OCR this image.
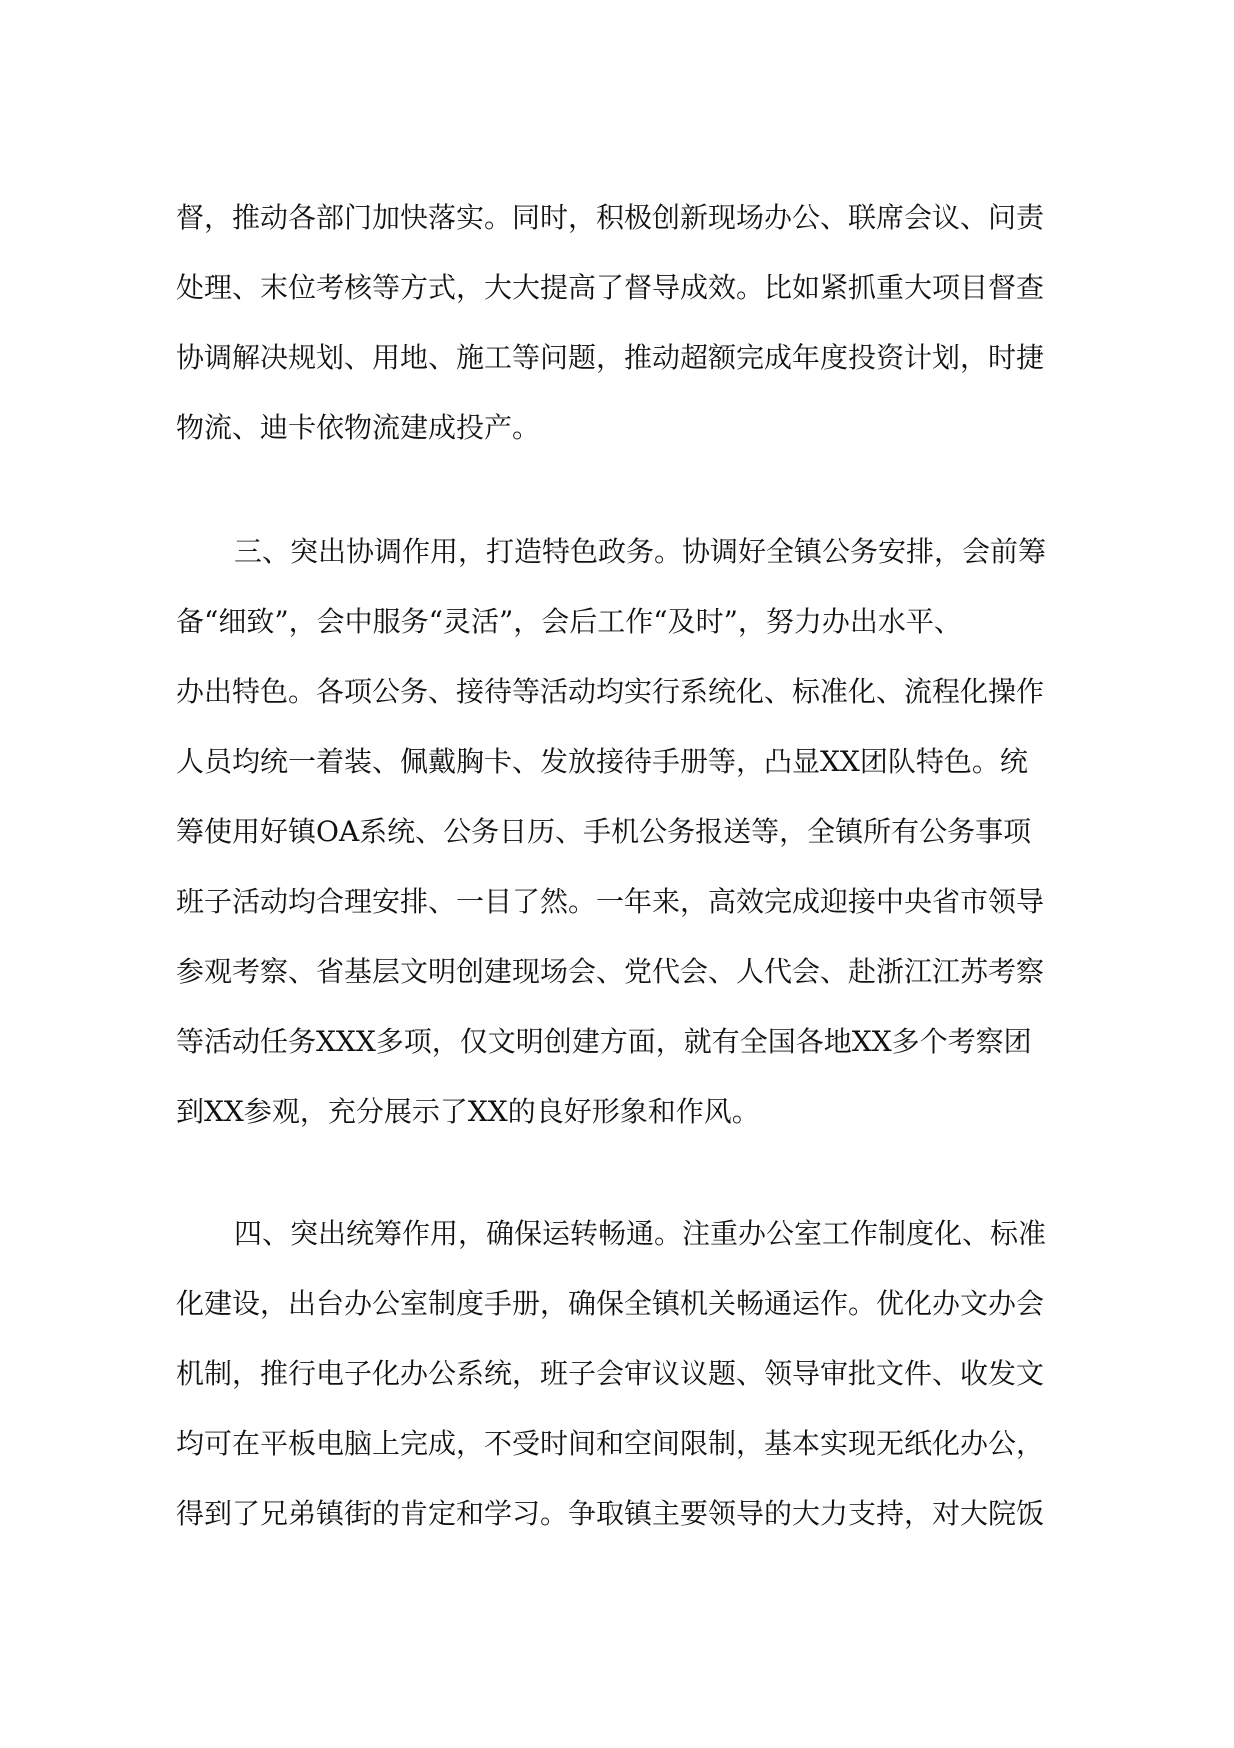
督，推动各部门加快落实。同时，积极创新现场办公、联席会议、问责
处理、末位考核等方式，大大提高了督导成效。比如紧抓重大项目督查
协调解决规划、用地、施工等问题，推动超额完成年度投资计划，时捷
物流、迪卡依物流建成投产。
三、突出协调作用，打造特色政务。协调好全镇公务安排，会前筹
备“细致”，会中服务“灵活”，会后工作“及时”，努力办出水平、
办出特色。各项公务、接待等活动均实行系统化、标准化、流程化操作
人员均统一着装、佩戴胸卡、发放接待手册等，凸显XX团队特色。统
筹使用好镇OA系统、公务日历、手机公务报送等，全镇所有公务事项
班子活动均合理安排、一目了然。一年来，高效完成迎接中央省市领导
参观考察、省基层文明创建现场会、党代会、人代会、赴浙江江苏考察
等活动任务XXX多项，仅文明创建方面，就有全国各地XX多个考察团
到XX参观，充分展示了XX的良好形象和作风。
四、突出统筹作用，确保运转畅通。注重办公室工作制度化、标准
化建设，出台办公室制度手册，确保全镇机关畅通运作。优化办文办会
机制，推行电子化办公系统，班子会审议议题、领导审批文件、收发文
均可在平板电脑上完成，不受时间和空间限制，基本实现无纸化办公，
得到了兄弟镇街的肯定和学习。争取镇主要领导的大力支持，对大院饭
